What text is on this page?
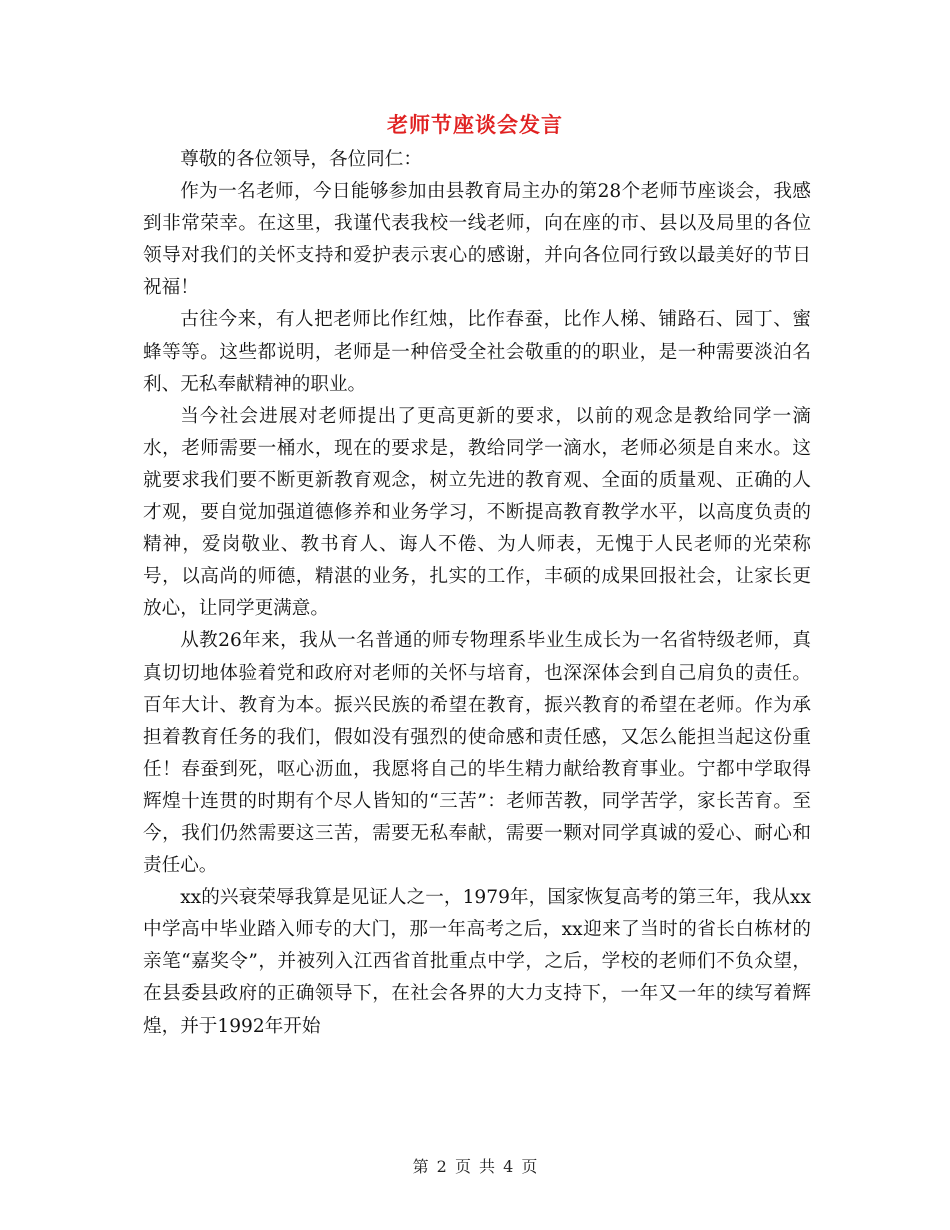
老师节座谈会发言

尊敬的各位领导，各位同仁：

作为一名老师，今日能够参加由县教育局主办的第28个老师节座谈会，我感到非常荣幸。在这里，我谨代表我校一线老师，向在座的市、县以及局里的各位领导对我们的关怀支持和爱护表示衷心的感谢，并向各位同行致以最美好的节日祝福！

古往今来，有人把老师比作红烛，比作春蚕，比作人梯、铺路石、园丁、蜜蜂等等。这些都说明，老师是一种倍受全社会敬重的的职业，是一种需要淡泊名利、无私奉献精神的职业。

当今社会进展对老师提出了更高更新的要求，以前的观念是教给同学一滴水，老师需要一桶水，现在的要求是，教给同学一滴水，老师必须是自来水。这就要求我们要不断更新教育观念，树立先进的教育观、全面的质量观、正确的人才观，要自觉加强道德修养和业务学习，不断提高教育教学水平，以高度负责的精神，爱岗敬业、教书育人、诲人不倦、为人师表，无愧于人民老师的光荣称号，以高尚的师德，精湛的业务，扎实的工作，丰硕的成果回报社会，让家长更放心，让同学更满意。

从教26年来，我从一名普通的师专物理系毕业生成长为一名省特级老师，真真切切地体验着党和政府对老师的关怀与培育，也深深体会到自己肩负的责任。百年大计、教育为本。振兴民族的希望在教育，振兴教育的希望在老师。作为承担着教育任务的我们，假如没有强烈的使命感和责任感，又怎么能担当起这份重任！春蚕到死，呕心沥血，我愿将自己的毕生精力献给教育事业。宁都中学取得辉煌十连贯的时期有个尽人皆知的“三苦”：老师苦教，同学苦学，家长苦育。至今，我们仍然需要这三苦，需要无私奉献，需要一颗对同学真诚的爱心、耐心和责任心。

xx的兴衰荣辱我算是见证人之一，1979年，国家恢复高考的第三年，我从xx中学高中毕业踏入师专的大门，那一年高考之后，xx迎来了当时的省长白栋材的亲笔“嘉奖令”，并被列入江西省首批重点中学，之后，学校的老师们不负众望，在县委县政府的正确领导下，在社会各界的大力支持下，一年又一年的续写着辉煌，并于1992年开始

第 2 页 共 4 页
